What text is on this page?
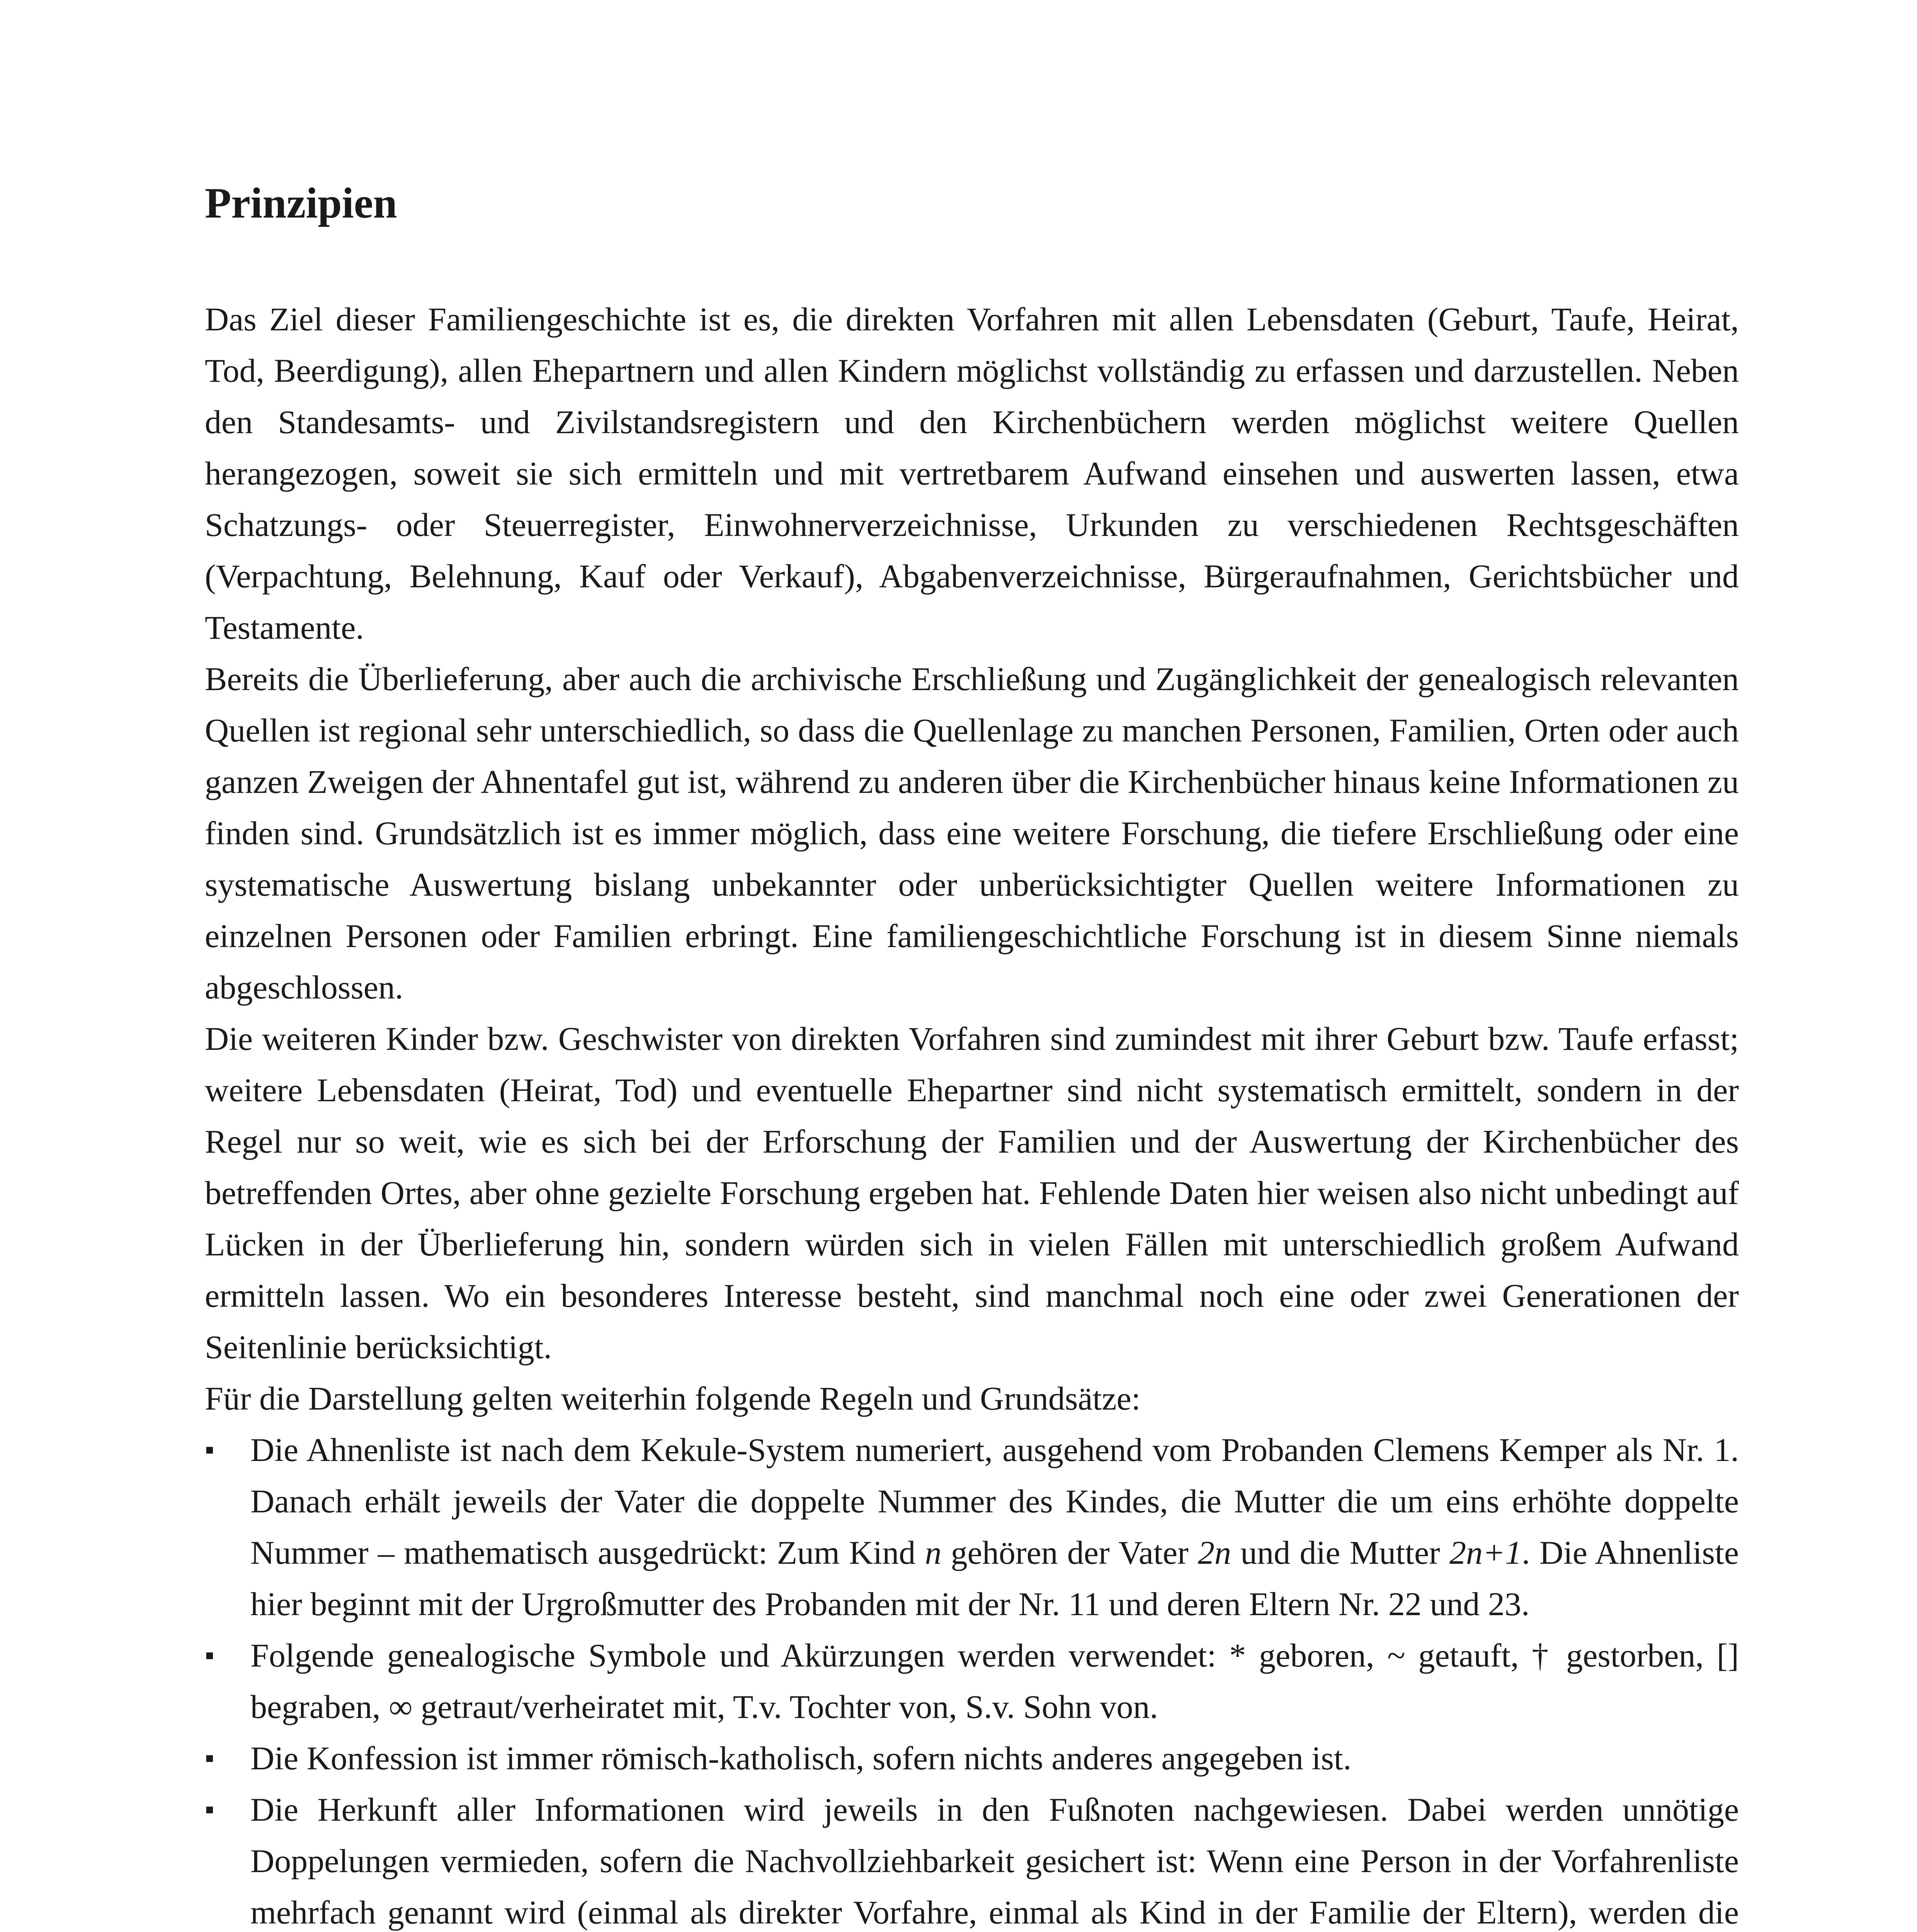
Prinzipien

Das Ziel dieser Familiengeschichte ist es, die direkten Vorfahren mit allen Lebensdaten (Geburt, Taufe, Heirat, Tod, Beerdigung), allen Ehepartnern und allen Kindern möglichst vollständig zu erfassen und darzustellen. Neben den Standesamts- und Zivilstandsregistern und den Kirchenbüchern werden möglichst weitere Quellen herangezogen, soweit sie sich ermitteln und mit vertretbarem Aufwand einsehen und auswerten lassen, etwa Schatzungs- oder Steuerregister, Einwohnerverzeichnisse, Urkunden zu verschiedenen Rechtsgeschäften (Verpachtung, Belehnung, Kauf oder Verkauf), Abgabenverzeichnisse, Bürgeraufnahmen, Gerichtsbücher und Testamente.

Bereits die Überlieferung, aber auch die archivische Erschließung und Zugänglichkeit der genealogisch relevanten Quellen ist regional sehr unterschiedlich, so dass die Quellenlage zu manchen Personen, Familien, Orten oder auch ganzen Zweigen der Ahnentafel gut ist, während zu anderen über die Kirchenbücher hinaus keine Informationen zu finden sind. Grundsätzlich ist es immer möglich, dass eine weitere Forschung, die tiefere Erschließung oder eine systematische Auswertung bislang unbekannter oder unberücksichtigter Quellen weitere Informationen zu einzelnen Personen oder Familien erbringt. Eine familiengeschichtliche Forschung ist in diesem Sinne niemals abgeschlossen.

Die weiteren Kinder bzw. Geschwister von direkten Vorfahren sind zumindest mit ihrer Geburt bzw. Taufe erfasst; weitere Lebensdaten (Heirat, Tod) und eventuelle Ehepartner sind nicht systematisch ermittelt, sondern in der Regel nur so weit, wie es sich bei der Erforschung der Familien und der Auswertung der Kirchenbücher des betreffenden Ortes, aber ohne gezielte Forschung ergeben hat. Fehlende Daten hier weisen also nicht unbedingt auf Lücken in der Überlieferung hin, sondern würden sich in vielen Fällen mit unterschiedlich großem Aufwand ermitteln lassen. Wo ein besonderes Interesse besteht, sind manchmal noch eine oder zwei Generationen der Seitenlinie berücksichtigt.

Für die Darstellung gelten weiterhin folgende Regeln und Grundsätze:

▪ Die Ahnenliste ist nach dem Kekule-System numeriert, ausgehend vom Probanden Clemens Kemper als Nr. 1. Danach erhält jeweils der Vater die doppelte Nummer des Kindes, die Mutter die um eins erhöhte doppelte Nummer – mathematisch ausgedrückt: Zum Kind n gehören der Vater 2n und die Mutter 2n+1. Die Ahnenliste hier beginnt mit der Urgroßmutter des Probanden mit der Nr. 11 und deren Eltern Nr. 22 und 23.
▪ Folgende genealogische Symbole und Akürzungen werden verwendet: * geboren, ~ getauft, † gestorben, [] begraben, ∞ getraut/verheiratet mit, T.v. Tochter von, S.v. Sohn von.
▪ Die Konfession ist immer römisch-katholisch, sofern nichts anderes angegeben ist.
▪ Die Herkunft aller Informationen wird jeweils in den Fußnoten nachgewiesen. Dabei werden unnötige Doppelungen vermieden, sofern die Nachvollziehbarkeit gesichert ist: Wenn eine Person in der Vorfahrenliste mehrfach genannt wird (einmal als direkter Vorfahre, einmal als Kind in der Familie der Eltern), werden die
